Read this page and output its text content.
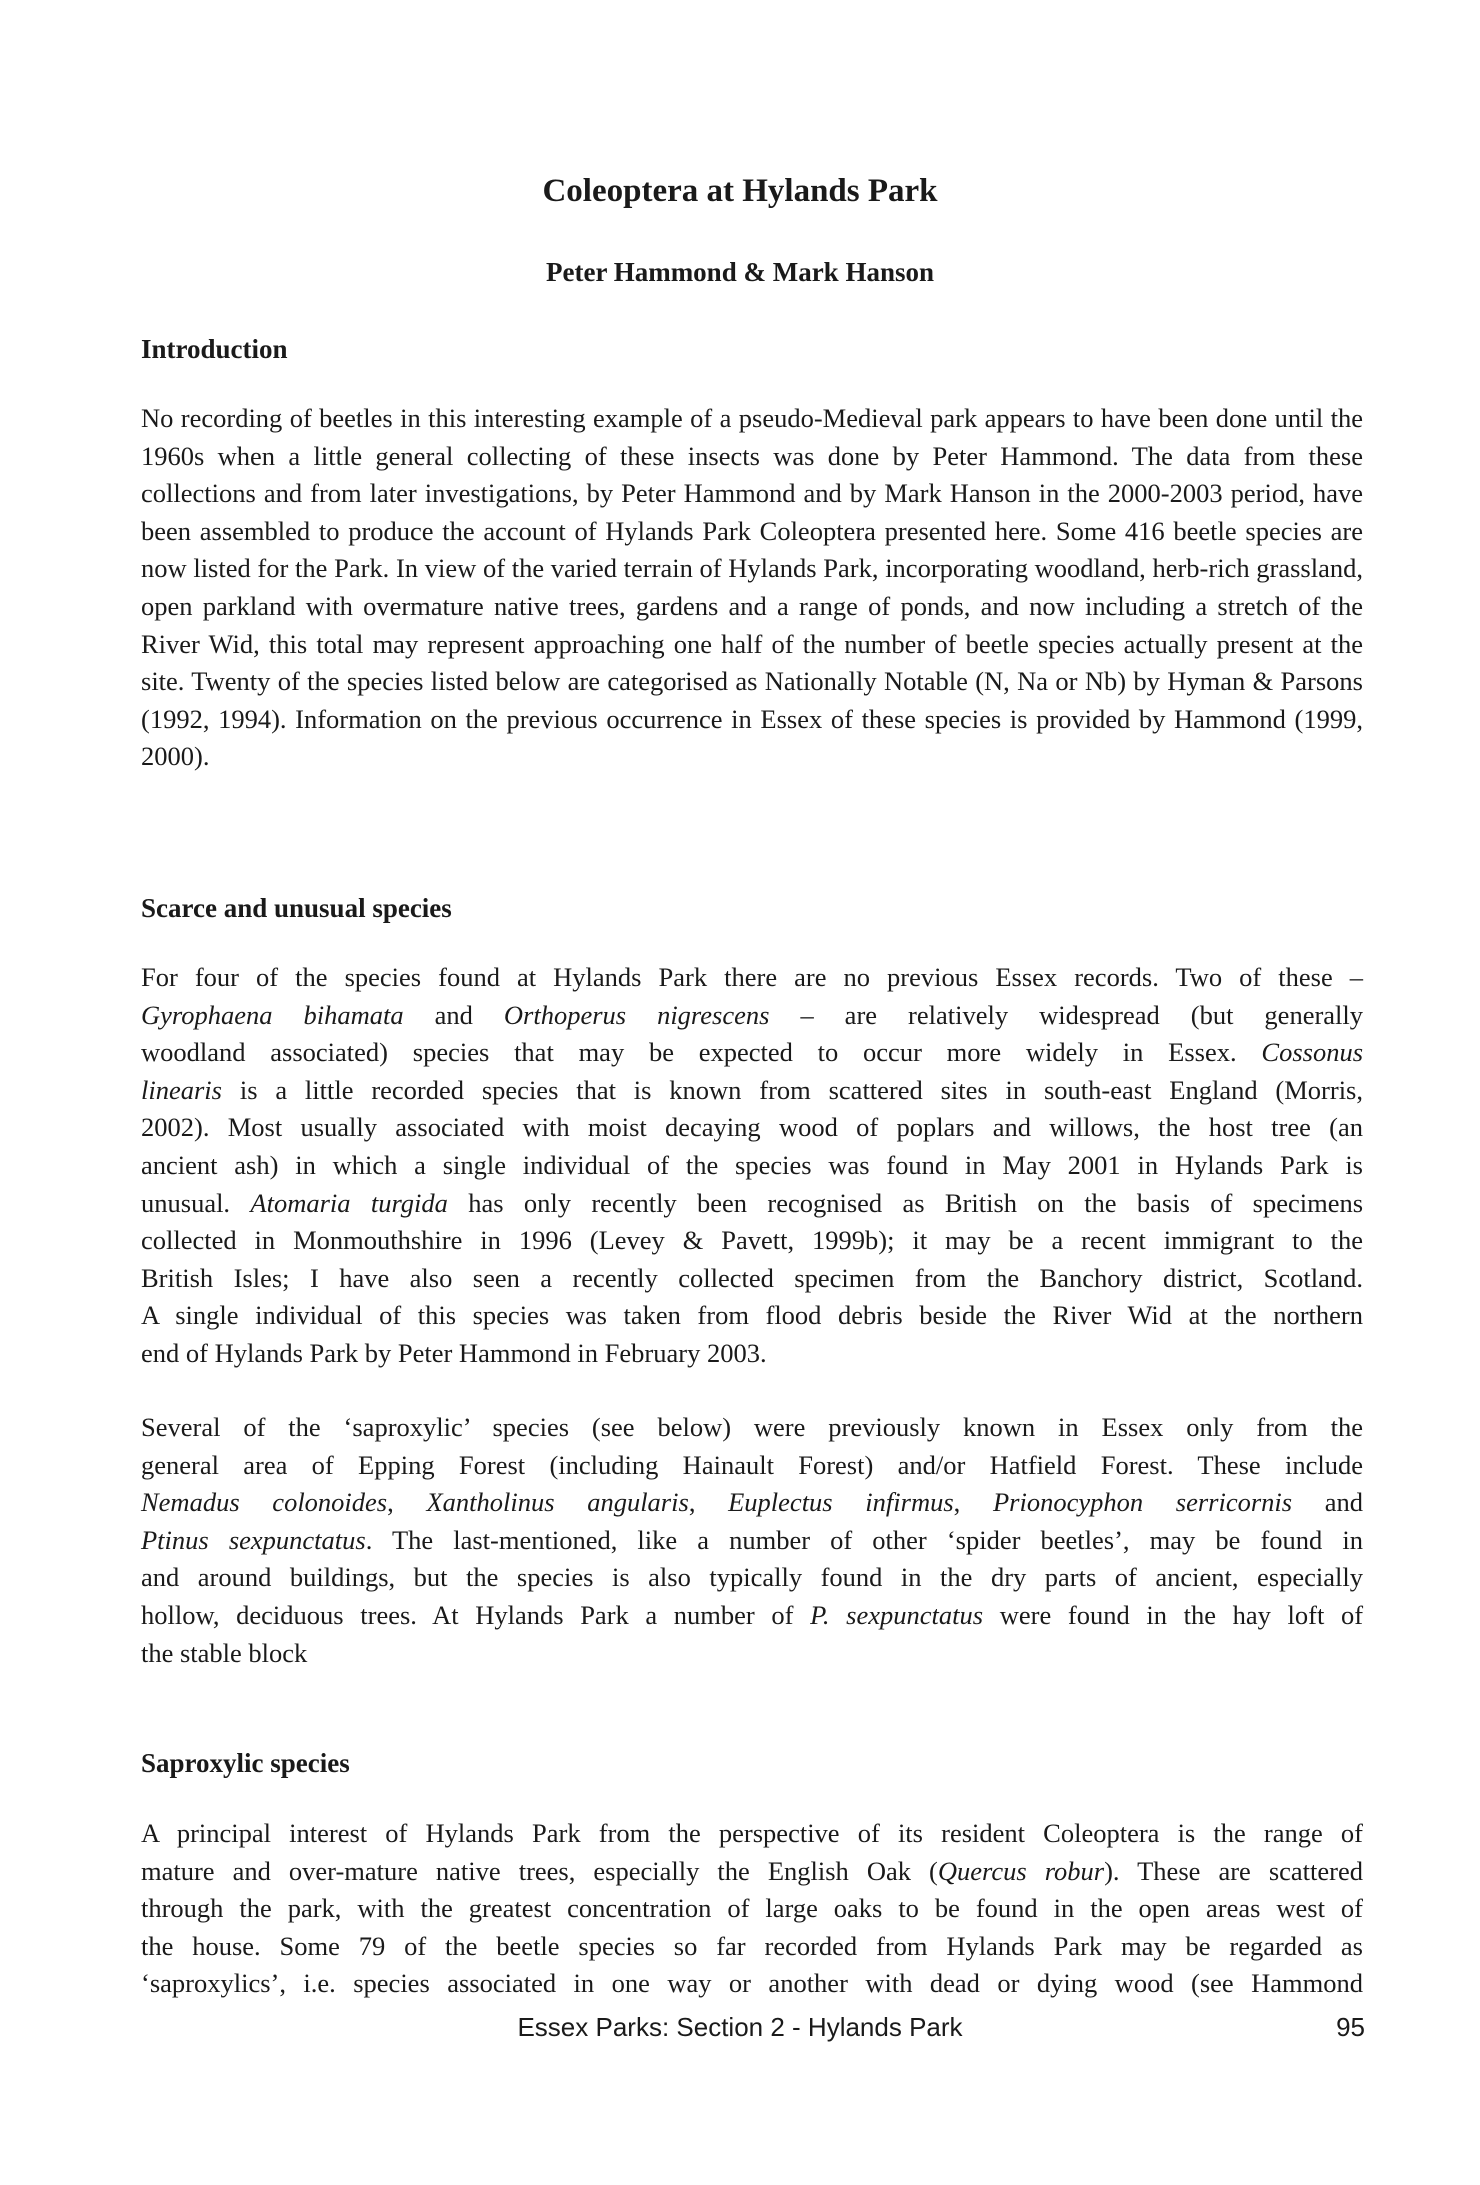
Coleoptera at Hylands Park
Peter Hammond & Mark Hanson
Introduction

No recording of beetles in this interesting example of a pseudo-Medieval park appears to have been done until the 1960s when a little general collecting of these insects was done by Peter Hammond. The data from these collections and from later investigations, by Peter Hammond and by Mark Hanson in the 2000-2003 period, have been assembled to produce the account of Hylands Park Coleoptera presented here. Some 416 beetle species are now listed for the Park. In view of the varied terrain of Hylands Park, incorporating woodland, herb-rich grassland, open parkland with overmature native trees, gardens and a range of ponds, and now including a stretch of the River Wid, this total may represent approaching one half of the number of beetle species actually present at the site. Twenty of the species listed below are categorised as Nationally Notable (N, Na or Nb) by Hyman & Parsons (1992, 1994). Information on the previous occurrence in Essex of these species is provided by Hammond (1999, 2000).

Scarce and unusual species

For four of the species found at Hylands Park there are no previous Essex records. Two of these –
Gyrophaena bihamata and Orthoperus nigrescens – are relatively widespread (but generally
woodland associated) species that may be expected to occur more widely in Essex. Cossonus
linearis is a little recorded species that is known from scattered sites in south-east England (Morris,
2002). Most usually associated with moist decaying wood of poplars and willows, the host tree (an
ancient ash) in which a single individual of the species was found in May 2001 in Hylands Park is
unusual. Atomaria turgida has only recently been recognised as British on the basis of specimens
collected in Monmouthshire in 1996 (Levey & Pavett, 1999b); it may be a recent immigrant to the
British Isles; I have also seen a recently collected specimen from the Banchory district, Scotland.
A single individual of this species was taken from flood debris beside the River Wid at the northern
end of Hylands Park by Peter Hammond in February 2003.

Several of the ‘saproxylic’ species (see below) were previously known in Essex only from the
general area of Epping Forest (including Hainault Forest) and/or Hatfield Forest. These include
Nemadus colonoides, Xantholinus angularis, Euplectus infirmus, Prionocyphon serricornis and
Ptinus sexpunctatus. The last-mentioned, like a number of other ‘spider beetles’, may be found in
and around buildings, but the species is also typically found in the dry parts of ancient, especially
hollow, deciduous trees. At Hylands Park a number of P. sexpunctatus were found in the hay loft of
the stable block

Saproxylic species

A principal interest of Hylands Park from the perspective of its resident Coleoptera is the range of
mature and over-mature native trees, especially the English Oak (Quercus robur). These are scattered
through the park, with the greatest concentration of large oaks to be found in the open areas west of
the house. Some 79 of the beetle species so far recorded from Hylands Park may be regarded as
‘saproxylics’, i.e. species associated in one way or another with dead or dying wood (see Hammond

Essex Parks: Section 2 - Hylands Park	95
